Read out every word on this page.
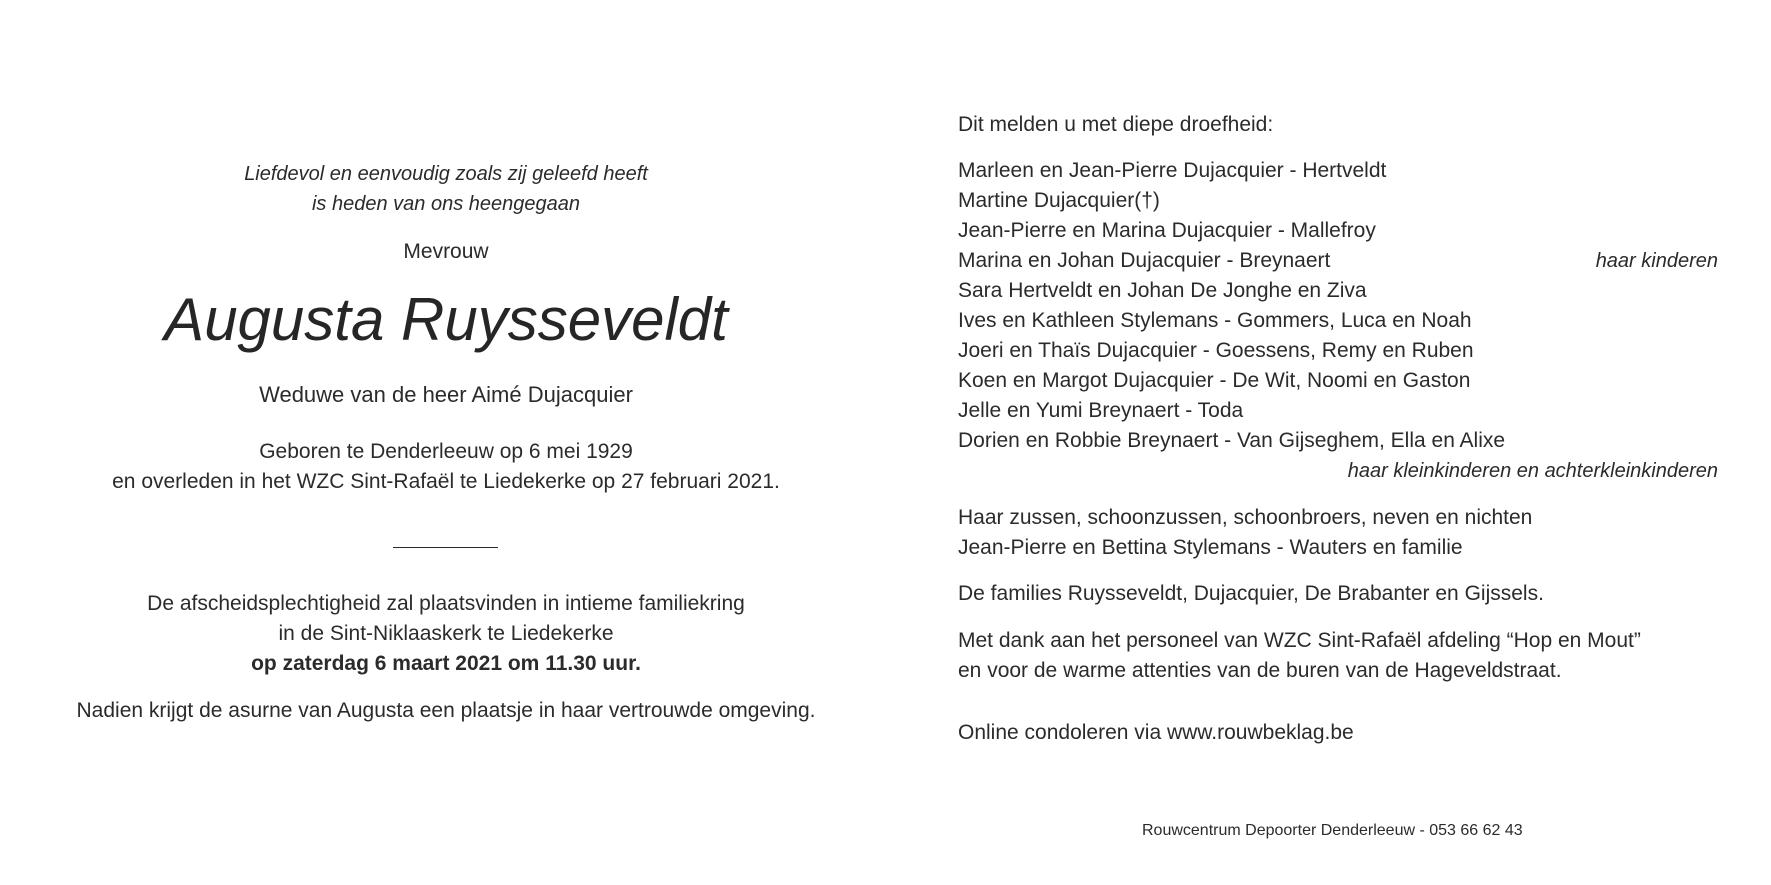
Liefdevol en eenvoudig zoals zij geleefd heeft
is heden van ons heengegaan
Mevrouw
Augusta Ruysseveldt
Weduwe van de heer Aimé Dujacquier
Geboren te Denderleeuw op 6 mei 1929
en overleden in het WZC Sint-Rafaël te Liedekerke op 27 februari 2021.
De afscheidsplechtigheid zal plaatsvinden in intieme familiekring
in de Sint-Niklaaskerk te Liedekerke
op zaterdag 6 maart 2021 om 11.30 uur.
Nadien krijgt de asurne van Augusta een plaatsje in haar vertrouwde omgeving.
Dit melden u met diepe droefheid:
Marleen en Jean-Pierre Dujacquier - Hertveldt
Martine Dujacquier(†)
Jean-Pierre en Marina Dujacquier - Mallefroy
Marina en Johan Dujacquier - Breynaert	haar kinderen
Sara Hertveldt en Johan De Jonghe en Ziva
Ives en Kathleen Stylemans - Gommers, Luca en Noah
Joeri en Thaïs Dujacquier - Goessens, Remy en Ruben
Koen en Margot Dujacquier - De Wit, Noomi en Gaston
Jelle en Yumi Breynaert - Toda
Dorien en Robbie Breynaert - Van Gijseghem, Ella en Alixe
haar kleinkinderen en achterkleinkinderen
Haar zussen, schoonzussen, schoonbroers, neven en nichten
Jean-Pierre en Bettina Stylemans - Wauters en familie
De families Ruysseveldt, Dujacquier, De Brabanter en Gijssels.
Met dank aan het personeel van WZC Sint-Rafaël afdeling “Hop en Mout”
en voor de warme attenties van de buren van de Hageveldstraat.
Online condoleren via www.rouwbeklag.be
Rouwcentrum Depoorter Denderleeuw - 053 66 62 43
